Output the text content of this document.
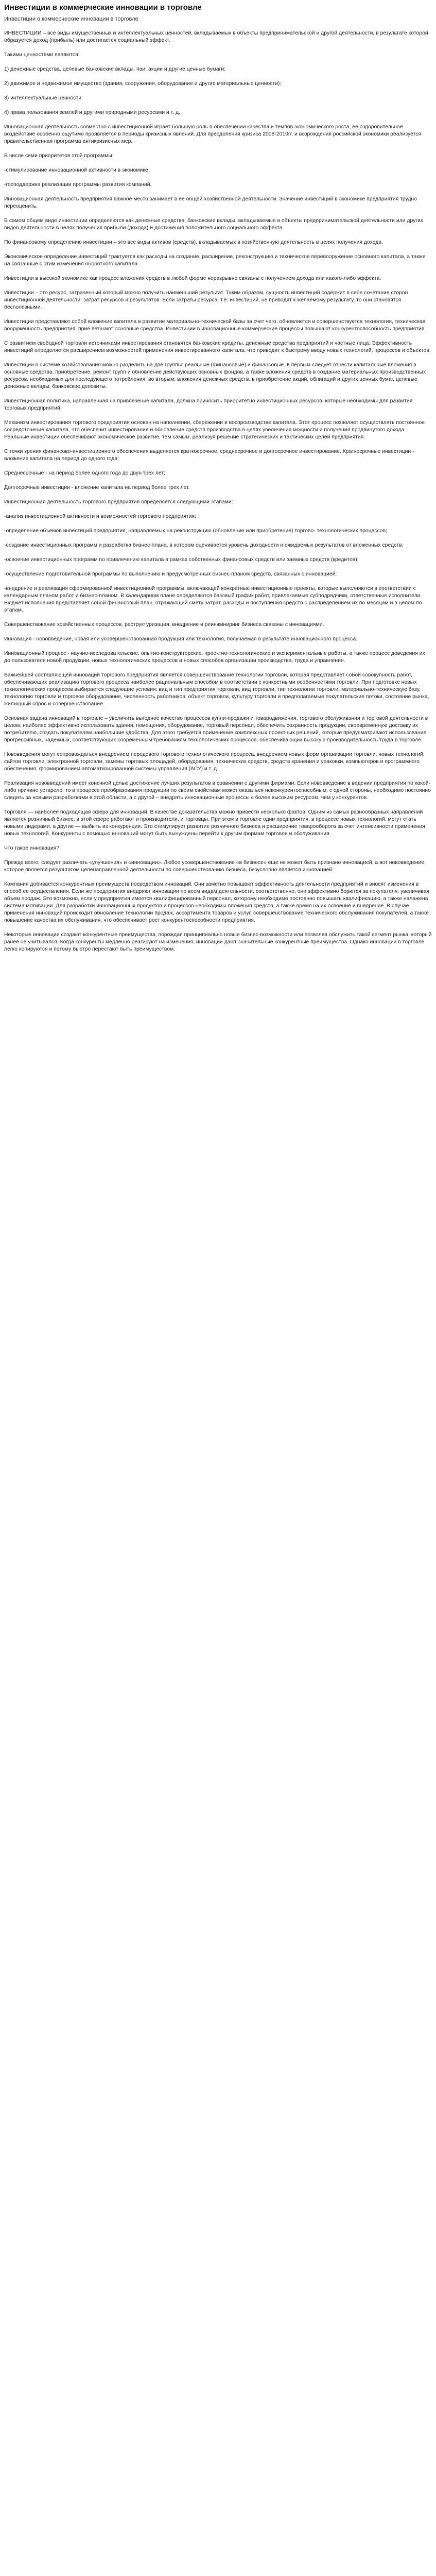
Инвестиции в коммерческие инновации в торговле
Инвестиции в коммерческие инновации в торговле

ИНВЕСТИЦИИ – все виды имущественных и интеллектуальных ценностей, вкладываемых в объекты предпринимательской и другой деятельности, в результате которой образуется доход (прибыль) или достигается социальный эффект.

Такими ценностями являются:

1) денежные средства, целевые банковские вклады, паи, акции и другие ценные бумаги;

2) движимое и недвижимое имущество (здания, сооружения, оборудование и другие материальные ценности);

3) интеллектуальные ценности;

4) права пользования землей и другими природными ресурсами и т. д.

Инновационная деятельность совместно с инвестиционной играет большую роль в обеспечении качества и темпов экономического роста, ее оздоровительное воздействие особенно ощутимо проявляется в периоды кризисных явлений. Для преодоления кризиса 2008-2010гг. и возрождения российской экономики реализуется правительственная программа антикризисных мер.

В числе семи приоритетов этой программы:

-стимулирование инновационной активности в экономике;

-господдержка реализации программы развития компаний.

Инновационная деятельность предприятия важное место занимает в ее общей хозяйственной деятельности. Значение инвестиций в экономике предприятия трудно переоценить.

В самом общем виде инвестиции определяются как денежные средства, банковские вклады, вкладываемые в объекты предпринимательской деятельности или других видов деятельности в целях получения прибыли (дохода) и достижения положительного социального эффекта.

По финансовому определению инвестиции – это все виды активов (средств), вкладываемых в хозяйственную деятельность в целях получения дохода.

Экономическое определение инвестиций трактуется как расходы на создание, расширение, реконструкцию и техническое перевооружение основного капитала, а также на связанные с этим изменения оборотного капитала.

Инвестиции в высокой экономике как процесс вложения средств в любой форме неразрывно связаны с получением дохода или какого-либо эффекта.

Инвестиции – это ресурс, затраченный который можно получить наименьший результат. Таким образом, сущность инвестиций содержит в себе сочетание сторон инвестиционной деятельности: затрат ресурсов и результатов. Если затраты ресурса, т.е. инвестиций, не приводят к желаемому результату, то они становятся бесполезными.

Инвестиции представляют собой вложение капитала в развитие материально-технической базы за счет чего, обновляется и совершенствуется технология, техническая вооруженность предприятия, приё ветшают основные средства. Инвестиции в инновационные коммерческие процессы повышают конкурентоспособность предприятия.

С развитием свободной торговли источниками инвестирования становятся банковские кредиты, денежные средства предприятий и частные лица. Эффективность инвестиций определяется расширением возможностей применения инвестированного капитала, что приводит к быстрому вводу новых технологий, процессов и объектов.

Инвестиции в системе хозяйствования можно разделить на две группы: реальные (финансовые) и финансовые. К первым следует отнести капитальные вложения в основные средства, приобретение, ремонт групп и обновление действующих основных фондов, а также вложения средств в создание материальных производственных ресурсов, необходимых для последующего потребления, во вторым: вложения денежных средств, в приобретение акций, облигаций и других ценных бумаг, целевые денежные вклады, банковские депозиты.

Инвестиционная политика, направленная на привлечение капитала, должна приносить приоритетно инвестиционных ресурсов, которые необходимы для развития торговых предприятий.

Механизм инвестирования торгового предприятия основан на наполнении, сбережении и воспроизводстве капитала. Этот процесс позволяет осуществлять постоянное сосредоточение капитала, что обеспечит инвестирование и обновление средств производства в целях увеличения мощности и получения продвинутого дохода. Реальные инвестиции обеспечивают экономическое развитие, тем самым, реализуя решение стратегических и тактических целей предприятия.

С точки зрения финансово-инвестиционного обеспечения выделяется краткосрочное, среднесрочное и долгосрочное инвестирование. Краткосрочные инвестиции - вложение капитала на период до одного года;

Среднесрочные - на период более одного года до двух-трех лет;

Долгосрочные инвестиции - вложение капитала на период более трех лет.

Инвестиционная деятельность торгового предприятия определяется следующими этапами:

-анализ инвестиционной активности и возможностей торгового предприятия;

-определение объемов инвестиций предприятия, направляемых на реконструкцию (обновление или приобретение) торгово- технологических процессов;

-создание инвестиционных программ и разработка бизнес-плана, в котором оценивается уровень доходности и ожидаемых результатов от вложенных средств;

-освоение инвестиционных программ по привлечению капитала в рамках собственных финансовых средств или заемных средств (кредитов);

-осуществление подготовительной программы по выполнению и предусмотренных бизнес-планом средств, связанных с инновацией;

-внедрение и реализация сформированной инвестиционной программы, включающей конкретные инвестиционные проекты, которые выполняются в соответствии с календарным планом работ и бизнес-планом. В календарном плане определяются базовый график работ, привлекаемые субподрядчики, ответственные исполнители. Бюджет исполнения представляет собой финансовый план, отражающий смету затрат, расходы и поступления средств с распределением их по месяцам и в целом по этапам.

Совершенствование хозяйственных процессов, реструктуризация, внедрение и реинжиниринг бизнеса связаны с инновациями.

Инновация - нововведение, новая или усовершенствованная продукция или технология, получаемая в результате инновационного процесса.

Инновационный процесс - научно-исследовательские, опытно-конструкторские, проектно-технологические и экспериментальные работы, а также процесс доведения их до пользователя новой продукции, новых технологических процессов и новых способов организации производства, труда и управления.

Важнейшей составляющей инноваций торгового предприятия является совершенствование технологии торговли, которая представляет собой совокупность работ, обеспечивающих реализацию торгового процесса наиболее рациональным способом в соответствии с конкретными особенностями торговли. При подготовке новых технологических процессов выбирается следующие условия: вид и тип предприятия торговли, вид торговли, тип технологии торговли, материально-техническую базу, технологию торговли и торговое оборудование, численность работников, объект торговли, культуру торговли и предполагаемые покупательские потоки, состояние рынка, жилищный спрос и совершенствование.

Основная задача инноваций в торговле – увеличить выгодное качество процессов купли-продажи и товародвижения, торгового обслуживания и торговой деятельности в целом, наиболее эффективно использовать здания, помещения, оборудование, торговый персонал, обеспечить сохранность продукции, своевременную доставку их потребителю, создать покупателям наибольшие удобства. Для этого требуется применение комплексных проектных решений, которые предусматривают использование прогрессивных, надежных, соответствующих современным требованиям технологических процессов, обеспечивающих высокую производительность труда в торговле.

Нововведения могут сопровождаться внедрением передового торгового технологического процесса, внедрением новых форм организации торговли, новых технологий, сайтов торговли, электронной торговли, замены торговых площадей, оборудования, технических средств, средств хранения и упаковки, компьютеров и программного обеспечения, формированием автоматизированной системы управления (АСУ) и т. д.

Реализация нововведений имеет конечной целью достижение лучших результатов в сравнении с другими фирмами. Если нововведение в ведении предприятия по какой-либо причине устарело, то в процессе преобразования продукции по своим свойствам может оказаться неконкурентоспособным, с одной стороны, необходимо постоянно следить за новыми разработками в этой области, а с другой – внедрять инновационные процессы с более высоким ресурсом, чем у конкурентов.

Торговля — наиболее подходящая сфера для инноваций. В качестве доказательства можно привести несколько фактов. Одним из самых разнообразных направлений является розничный бизнес, в этой сфере работают и производители, и торговцы. При этом в торговле одни предприятия, в процессе новых технологий, могут стать новыми лидерами, а другие — выбыть из конкуренции. Это стимулирует развитие розничного бизнеса и расширение товарооборота за счет интенсивности применения новых технологий. Конкуренты с помощью инноваций могут быть вынуждены перейти к другим формам торговли и обслуживания.

Что такое инновация?

Прежде всего, следует различать «улучшения» и «инновации». Любое усовершенствование «в бизнесе» еще не может быть признано инновацией, а вот нововведение, которое является результатом целенаправленной деятельности по совершенствованию бизнеса, безусловно является инновацией.

Компания добивается конкурентных преимуществ посредством инноваций. Они заметно повышают эффективность деятельности предприятий и вносят изменения в способ ее осуществления. Если же предприятия внедряют инновации по всем видам деятельности, соответственно, они эффективно борются за покупателя, увеличивая объем продаж. Это возможно, если у предприятия имеется квалифицированный персонал, которому необходимо постоянно повышать квалификацию, а также налажена система мотивации. Для разработки инновационных продуктов и процессов необходимы вложения средств, а также время на их освоение и внедрение. В случае применения инноваций происходит обновление технологии продаж, ассортимента товаров и услуг, совершенствование технического обслуживания покупателей, а также повышение качества их обслуживания, что обеспечивает рост конкурентоспособности предприятия.

Некоторые инновации создают конкурентные преимущества, порождая принципиально новые бизнес-возможности или позволяя обслужить такой сегмент рынка, который ранее не учитывался. Когда конкуренты медленно реагируют на изменения, инновации дают значительные конкурентные преимущества. Однако инновации в торговле легко копируются и потому быстро перестают быть преимуществом.
